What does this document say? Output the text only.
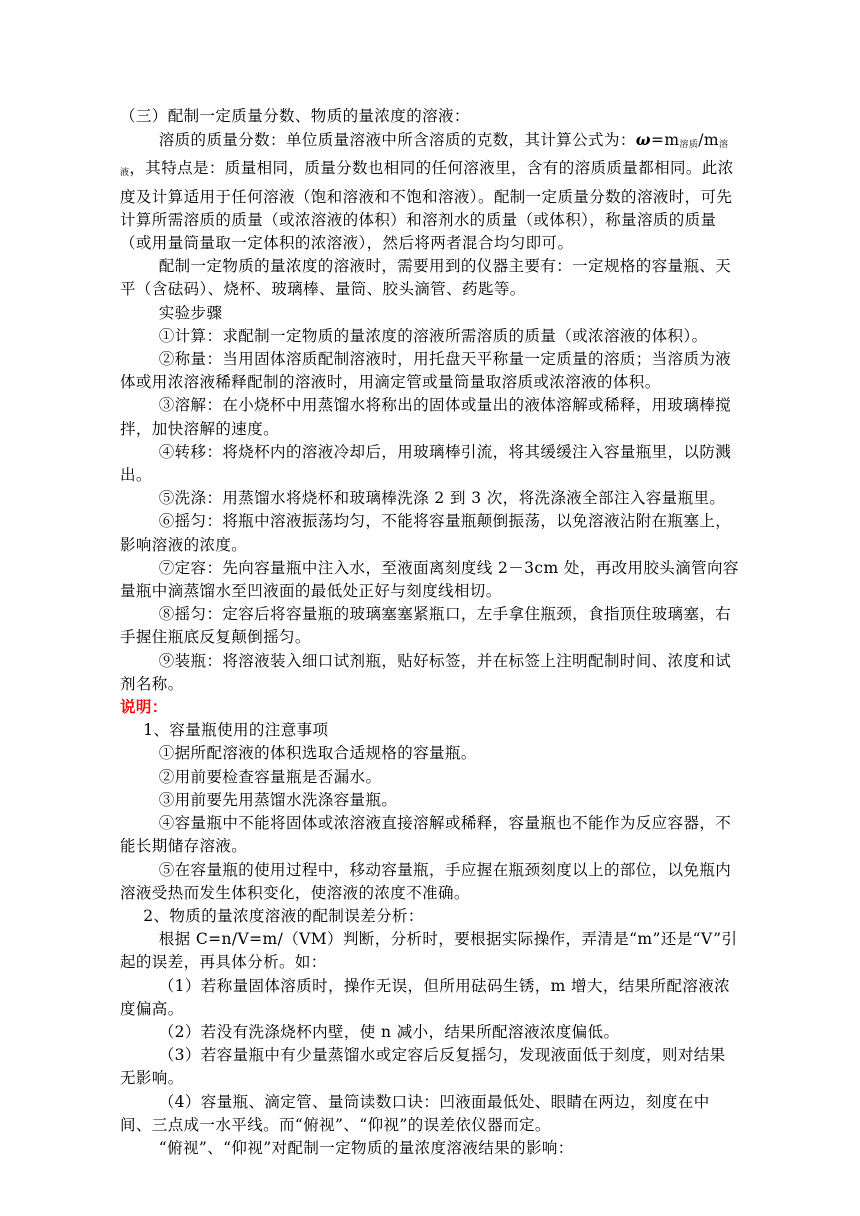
（三）配制一定质量分数、物质的量浓度的溶液：

溶质的质量分数：单位质量溶液中所含溶质的克数，其计算公式为：$\omega=m_{溶质}/m_{溶液}$，其特点是：质量相同，质量分数也相同的任何溶液里，含有的溶质质量都相同。此浓度及计算适用于任何溶液（饱和溶液和不饱和溶液）。配制一定质量分数的溶液时，可先计算所需溶质的质量（或浓溶液的体积）和溶剂水的质量（或体积），称量溶质的质量（或用量筒量取一定体积的浓溶液），然后将两者混合均匀即可。

配制一定物质的量浓度的溶液时，需要用到的仪器主要有：一定规格的容量瓶、天平（含砝码）、烧杯、玻璃棒、量筒、胶头滴管、药匙等。

实验步骤

①计算：求配制一定物质的量浓度的溶液所需溶质的质量（或浓溶液的体积）。

②称量：当用固体溶质配制溶液时，用托盘天平称量一定质量的溶质；当溶质为液体或用浓溶液稀释配制的溶液时，用滴定管或量筒量取溶质或浓溶液的体积。

③溶解：在小烧杯中用蒸馏水将称出的固体或量出的液体溶解或稀释，用玻璃棒搅拌，加快溶解的速度。

④转移：将烧杯内的溶液冷却后，用玻璃棒引流，将其缓缓注入容量瓶里，以防溅出。

⑤洗涤：用蒸馏水将烧杯和玻璃棒洗涤 2 到 3 次，将洗涤液全部注入容量瓶里。

⑥摇匀：将瓶中溶液振荡均匀，不能将容量瓶颠倒振荡，以免溶液沾附在瓶塞上，影响溶液的浓度。

⑦定容：先向容量瓶中注入水，至液面离刻度线 2－3cm 处，再改用胶头滴管向容量瓶中滴蒸馏水至凹液面的最低处正好与刻度线相切。

⑧摇匀：定容后将容量瓶的玻璃塞塞紧瓶口，左手拿住瓶颈，食指顶住玻璃塞，右手握住瓶底反复颠倒摇匀。

⑨装瓶：将溶液装入细口试剂瓶，贴好标签，并在标签上注明配制时间、浓度和试剂名称。

说明：

1、容量瓶使用的注意事项

①据所配溶液的体积选取合适规格的容量瓶。

②用前要检查容量瓶是否漏水。

③用前要先用蒸馏水洗涤容量瓶。

④容量瓶中不能将固体或浓溶液直接溶解或稀释，容量瓶也不能作为反应容器，不能长期储存溶液。

⑤在容量瓶的使用过程中，移动容量瓶，手应握在瓶颈刻度以上的部位，以免瓶内溶液受热而发生体积变化，使溶液的浓度不准确。

2、物质的量浓度溶液的配制误差分析：

根据 C=n/V=m/（VM）判断，分析时，要根据实际操作，弄清是“m”还是“V”引起的误差，再具体分析。如：

（1）若称量固体溶质时，操作无误，但所用砝码生锈，m 增大，结果所配溶液浓度偏高。

（2）若没有洗涤烧杯内壁，使 n 减小，结果所配溶液浓度偏低。

（3）若容量瓶中有少量蒸馏水或定容后反复摇匀，发现液面低于刻度，则对结果无影响。

（4）容量瓶、滴定管、量筒读数口诀：凹液面最低处、眼睛在两边，刻度在中间、三点成一水平线。而“俯视”、“仰视”的误差依仪器而定。

“俯视”、“仰视”对配制一定物质的量浓度溶液结果的影响：
